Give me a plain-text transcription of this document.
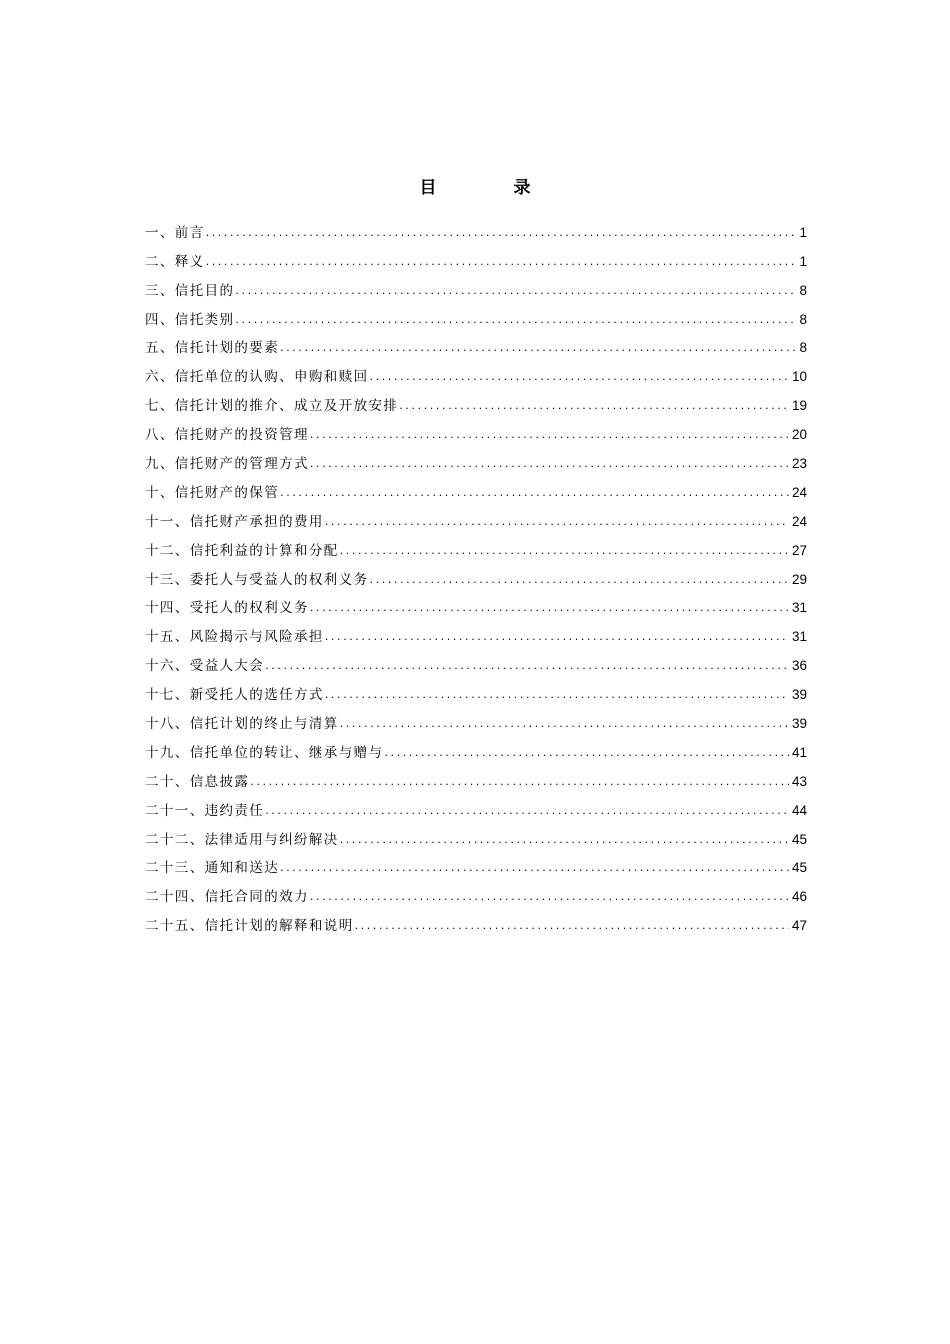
目　录
一、前言 .....	1
二、释义 .....	1
三、信托目的 .....	8
四、信托类别 .....	8
五、信托计划的要素 .....	8
六、信托单位的认购、申购和赎回 .....	10
七、信托计划的推介、成立及开放安排 .....	19
八、信托财产的投资管理 .....	20
九、信托财产的管理方式 .....	23
十、信托财产的保管 .....	24
十一、信托财产承担的费用 .....	24
十二、信托利益的计算和分配 .....	27
十三、委托人与受益人的权利义务 .....	29
十四、受托人的权利义务 .....	31
十五、风险揭示与风险承担 .....	31
十六、受益人大会 .....	36
十七、新受托人的选任方式 .....	39
十八、信托计划的终止与清算 .....	39
十九、信托单位的转让、继承与赠与 .....	41
二十、信息披露 .....	43
二十一、违约责任 .....	44
二十二、法律适用与纠纷解决 .....	45
二十三、通知和送达 .....	45
二十四、信托合同的效力 .....	46
二十五、信托计划的解释和说明 .....	47
